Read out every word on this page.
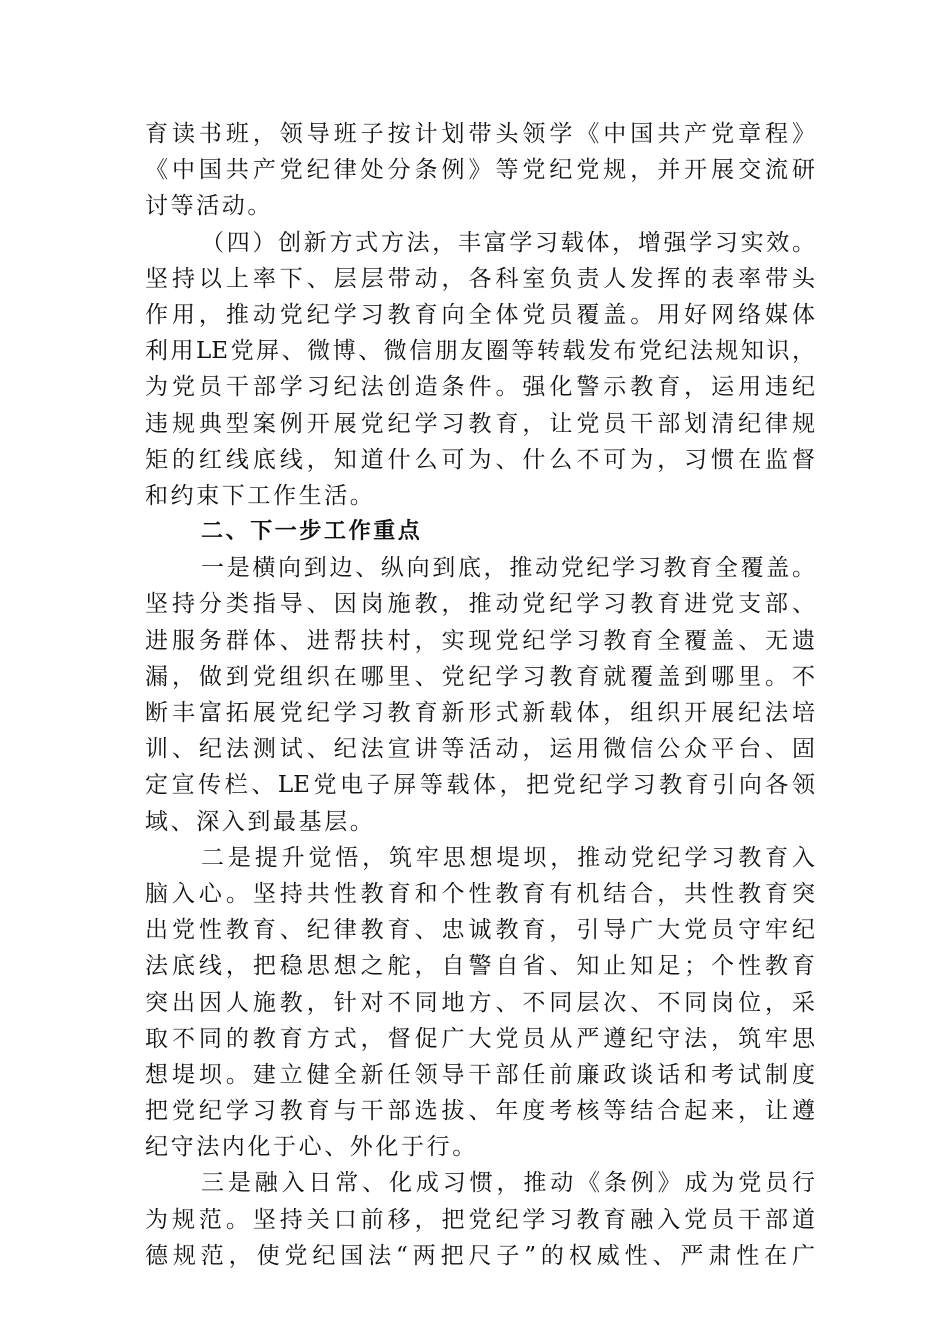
育读书班，领导班子按计划带头领学《中国共产党章程》
《中国共产党纪律处分条例》等党纪党规，并开展交流研
讨等活动。
（四）创新方式方法，丰富学习载体，增强学习实效。
坚持以上率下、层层带动，各科室负责人发挥的表率带头
作用，推动党纪学习教育向全体党员覆盖。用好网络媒体
利用LE党屏、微博、微信朋友圈等转载发布党纪法规知识，
为党员干部学习纪法创造条件。强化警示教育，运用违纪
违规典型案例开展党纪学习教育，让党员干部划清纪律规
矩的红线底线，知道什么可为、什么不可为，习惯在监督
和约束下工作生活。
二、下一步工作重点
一是横向到边、纵向到底，推动党纪学习教育全覆盖。
坚持分类指导、因岗施教，推动党纪学习教育进党支部、
进服务群体、进帮扶村，实现党纪学习教育全覆盖、无遗
漏，做到党组织在哪里、党纪学习教育就覆盖到哪里。不
断丰富拓展党纪学习教育新形式新载体，组织开展纪法培
训、纪法测试、纪法宣讲等活动，运用微信公众平台、固
定宣传栏、LE党电子屏等载体，把党纪学习教育引向各领
域、深入到最基层。
二是提升觉悟，筑牢思想堤坝，推动党纪学习教育入
脑入心。坚持共性教育和个性教育有机结合，共性教育突
出党性教育、纪律教育、忠诚教育，引导广大党员守牢纪
法底线，把稳思想之舵，自警自省、知止知足；个性教育
突出因人施教，针对不同地方、不同层次、不同岗位，采
取不同的教育方式，督促广大党员从严遵纪守法，筑牢思
想堤坝。建立健全新任领导干部任前廉政谈话和考试制度
把党纪学习教育与干部选拔、年度考核等结合起来，让遵
纪守法内化于心、外化于行。
三是融入日常、化成习惯，推动《条例》成为党员行
为规范。坚持关口前移，把党纪学习教育融入党员干部道
德规范，使党纪国法“两把尺子”的权威性、严肃性在广
